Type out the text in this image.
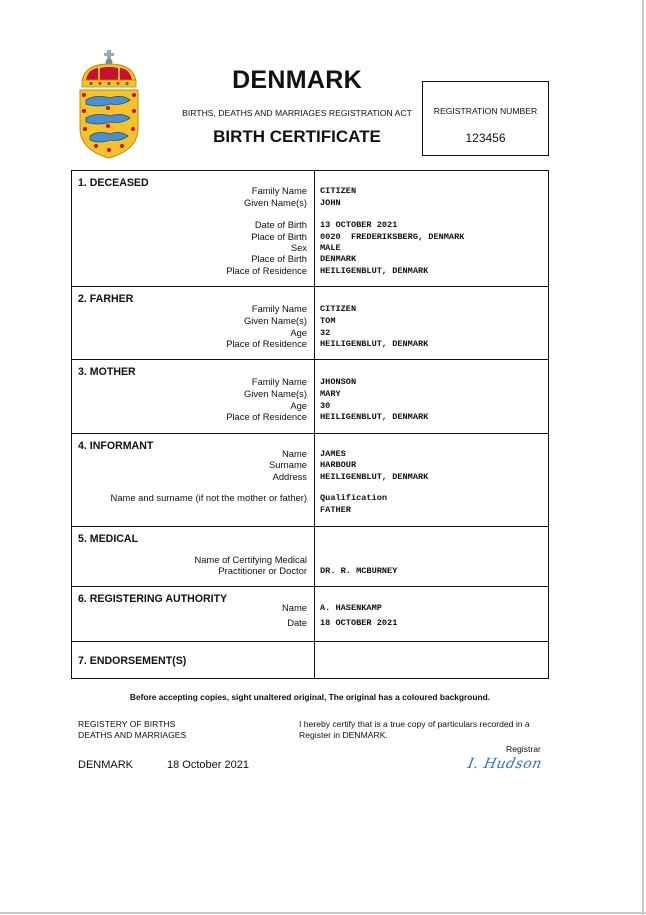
DENMARK
BIRTHS, DEATHS AND MARRIAGES REGISTRATION ACT
BIRTH CERTIFICATE
REGISTRATION NUMBER
123456
1. DECEASED
Family Name CITIZEN
Given Name(s) JOHN
Date of Birth 13 OCTOBER 2021
Place of Birth 0020  FREDERIKSBERG, DENMARK
Sex MALE
Place of Birth DENMARK
Place of Residence HEILIGENBLUT, DENMARK
2. FARHER
Family Name CITIZEN
Given Name(s) TOM
Age 32
Place of Residence HEILIGENBLUT, DENMARK
3. MOTHER
Family Name JHONSON
Given Name(s) MARY
Age 30
Place of Residence HEILIGENBLUT, DENMARK
4. INFORMANT
Name JAMES
Surname HARBOUR
Address HEILIGENBLUT, DENMARK
Name and surname (if not the mother or father) Qualification
FATHER
5. MEDICAL
Name of Certifying Medical
Practitioner or Doctor DR. R. MCBURNEY
6. REGISTERING AUTHORITY
Name A. HASENKAMP
Date 18 OCTOBER 2021
7. ENDORSEMENT(S)
Before accepting copies, sight unaltered original, The original has a coloured background.
REGISTERY OF BIRTHS
DEATHS AND MARRIAGES
I hereby certify that is a true copy of particulars recorded in a
Register in DENMARK.
Registrar
DENMARK	18 October 2021	I. Hudson
